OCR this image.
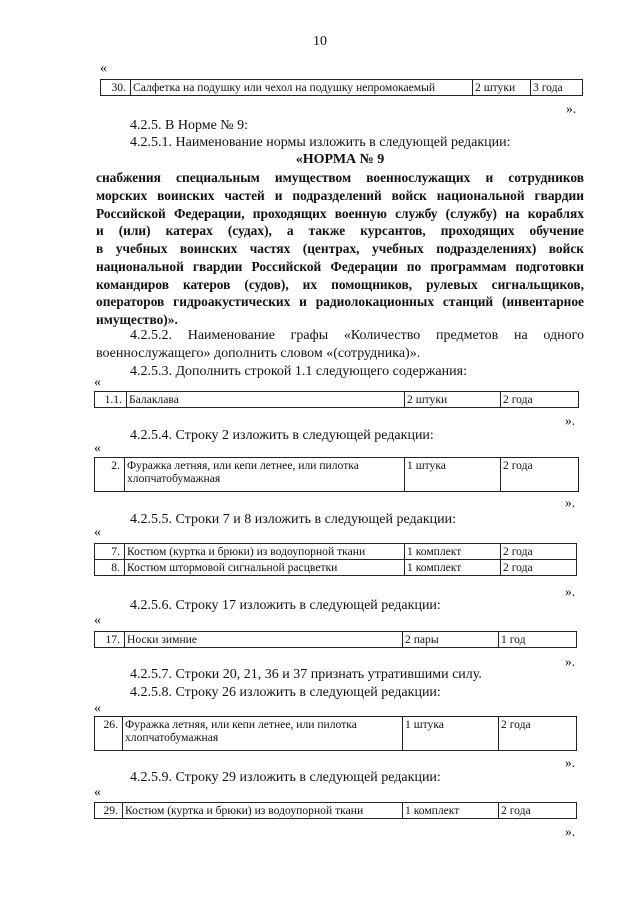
10
«
30.	Салфетка на подушку или чехол на подушку непромокаемый	2 штуки	3 года
».
4.2.5. В Норме № 9:
4.2.5.1. Наименование нормы изложить в следующей редакции:
«НОРМА № 9
снабжения специальным имуществом военнослужащих и сотрудников
морских воинских частей и подразделений войск национальной гвардии
Российской Федерации, проходящих военную службу (службу) на кораблях
и (или) катерах (судах), а также курсантов, проходящих обучение
в учебных воинских частях (центрах, учебных подразделениях) войск
национальной гвардии Российской Федерации по программам подготовки
командиров катеров (судов), их помощников, рулевых сигнальщиков,
операторов гидроакустических и радиолокационных станций (инвентарное
имущество)».
4.2.5.2. Наименование графы «Количество предметов на одного
военнослужащего» дополнить словом «(сотрудника)».
4.2.5.3. Дополнить строкой 1.1 следующего содержания:
«
1.1.	Балаклава	2 штуки	2 года
».
4.2.5.4. Строку 2 изложить в следующей редакции:
«
2.	Фуражка летняя, или кепи летнее, или пилотка хлопчатобумажная	1 штука	2 года
».
4.2.5.5. Строки 7 и 8 изложить в следующей редакции:
«
7.	Костюм (куртка и брюки) из водоупорной ткани	1 комплект	2 года
8.	Костюм штормовой сигнальной расцветки	1 комплект	2 года
».
4.2.5.6. Строку 17 изложить в следующей редакции:
«
17.	Носки зимние	2 пары	1 год
».
4.2.5.7. Строки 20, 21, 36 и 37 признать утратившими силу.
4.2.5.8. Строку 26 изложить в следующей редакции:
«
26.	Фуражка летняя, или кепи летнее, или пилотка хлопчатобумажная	1 штука	2 года
».
4.2.5.9. Строку 29 изложить в следующей редакции:
«
29.	Костюм (куртка и брюки) из водоупорной ткани	1 комплект	2 года
».
